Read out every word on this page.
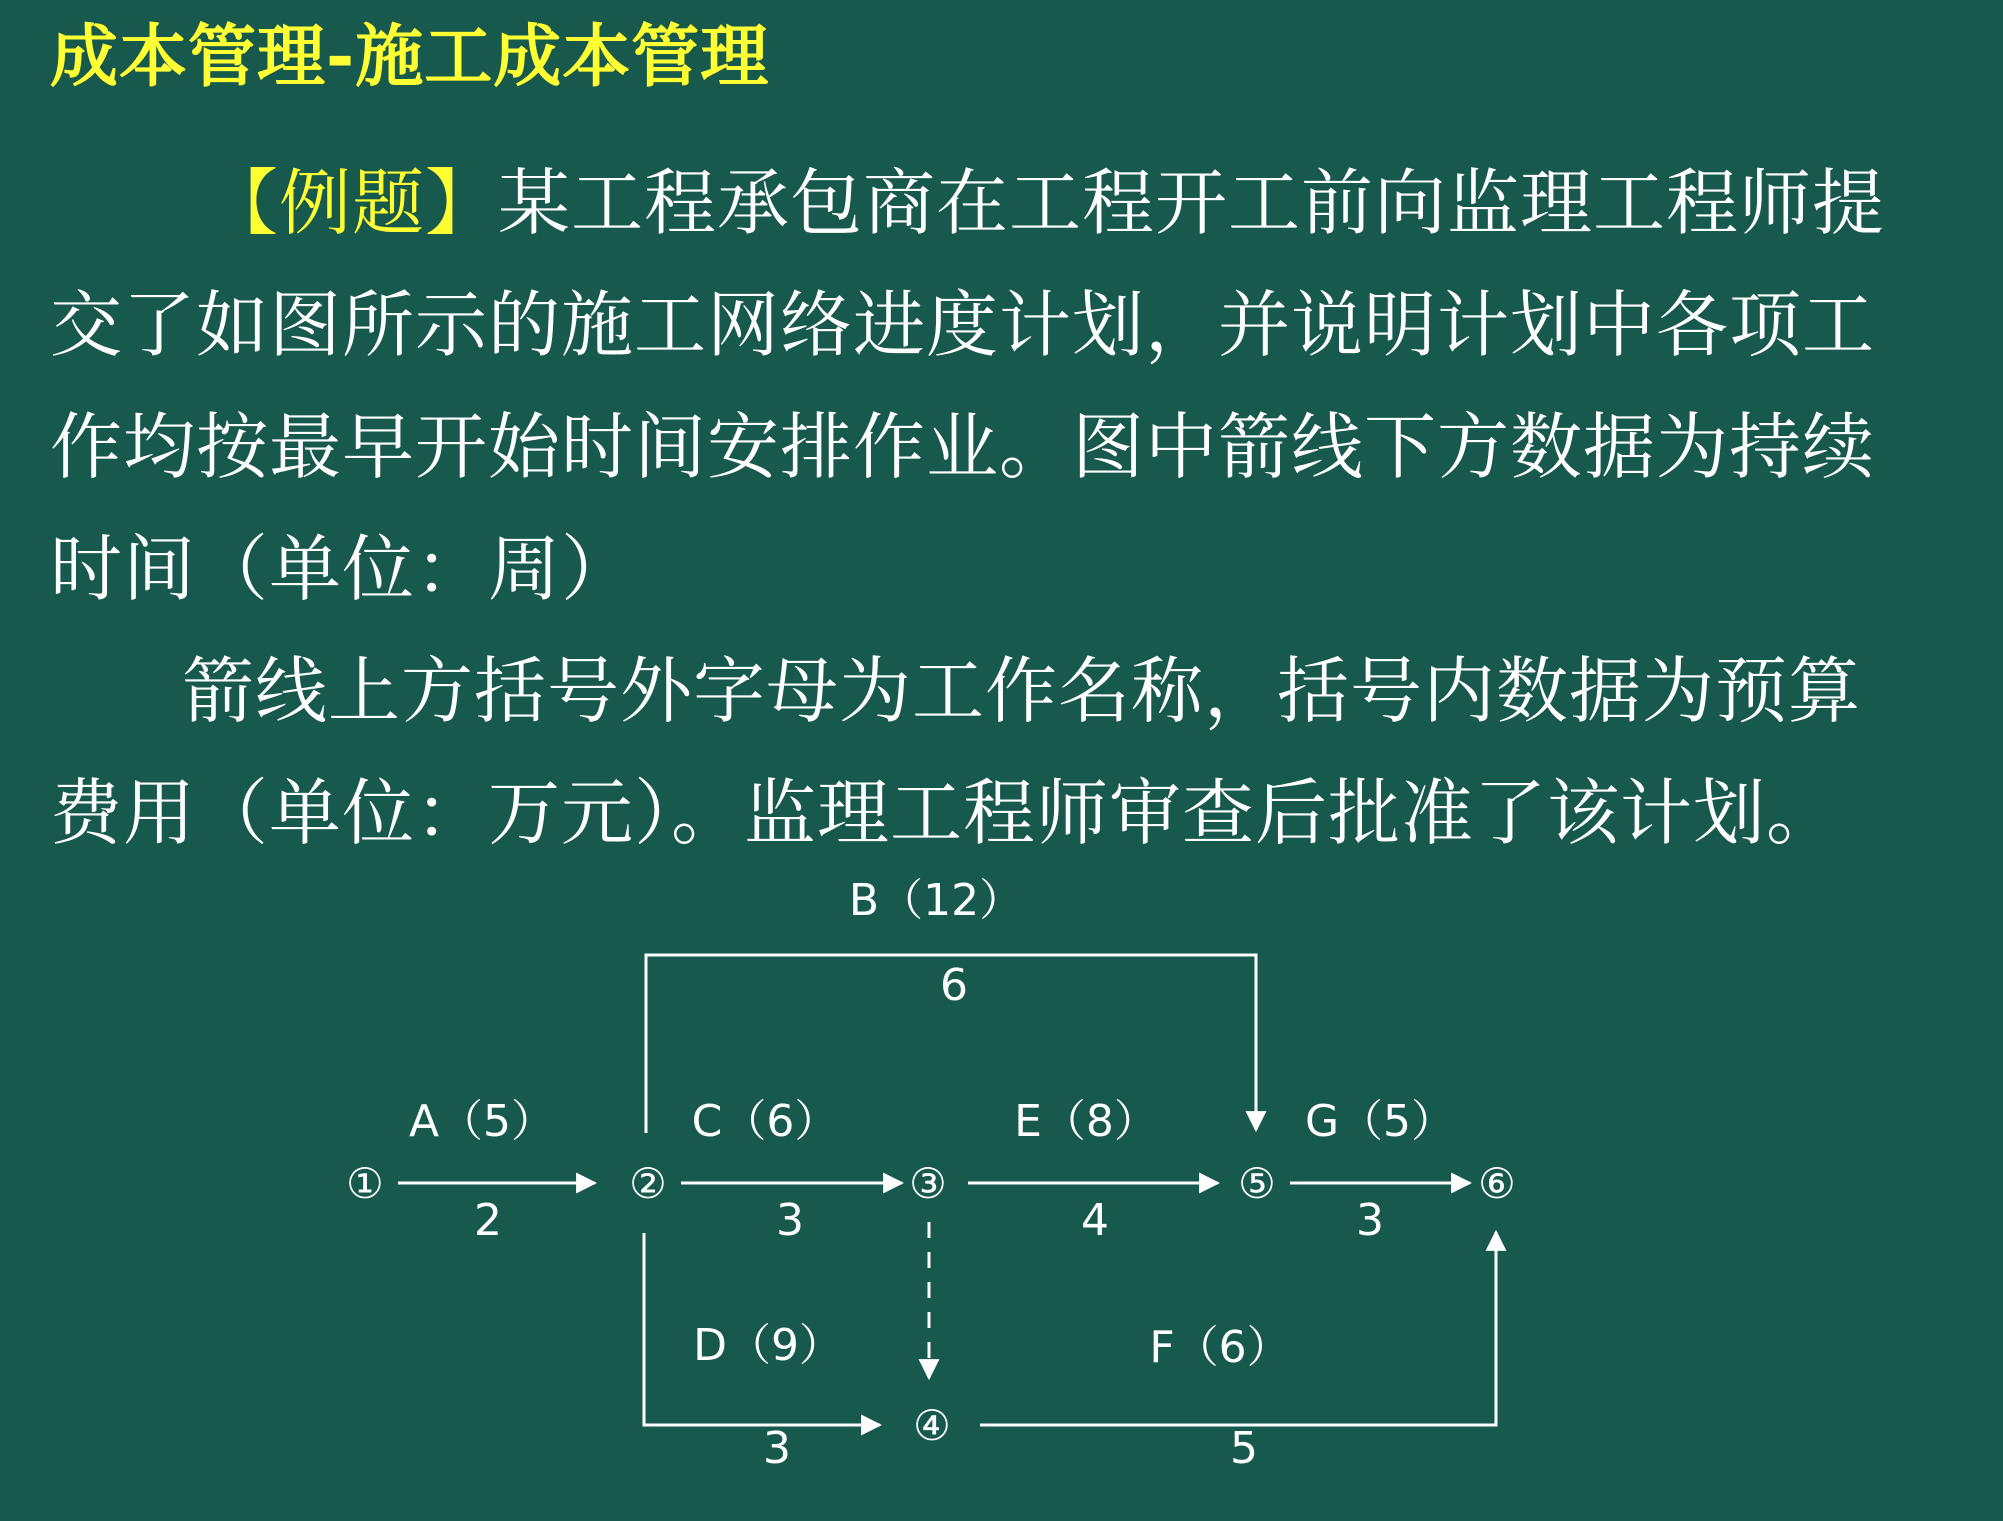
成本管理-施工成本管理
【例题】某工程承包商在工程开工前向监理工程师提
交了如图所示的施工网络进度计划，并说明计划中各项工
作均按最早开始时间安排作业。图中箭线下方数据为持续
时间（单位：周）
箭线上方括号外字母为工作名称，括号内数据为预算
费用（单位：万元）。监理工程师审查后批准了该计划。
①	②	③
④
⑤	⑥
A（5）
2
B（12）
6
C（6）
3
D（9）
3
E（8）
4
F（6）
5
G（5）
3
